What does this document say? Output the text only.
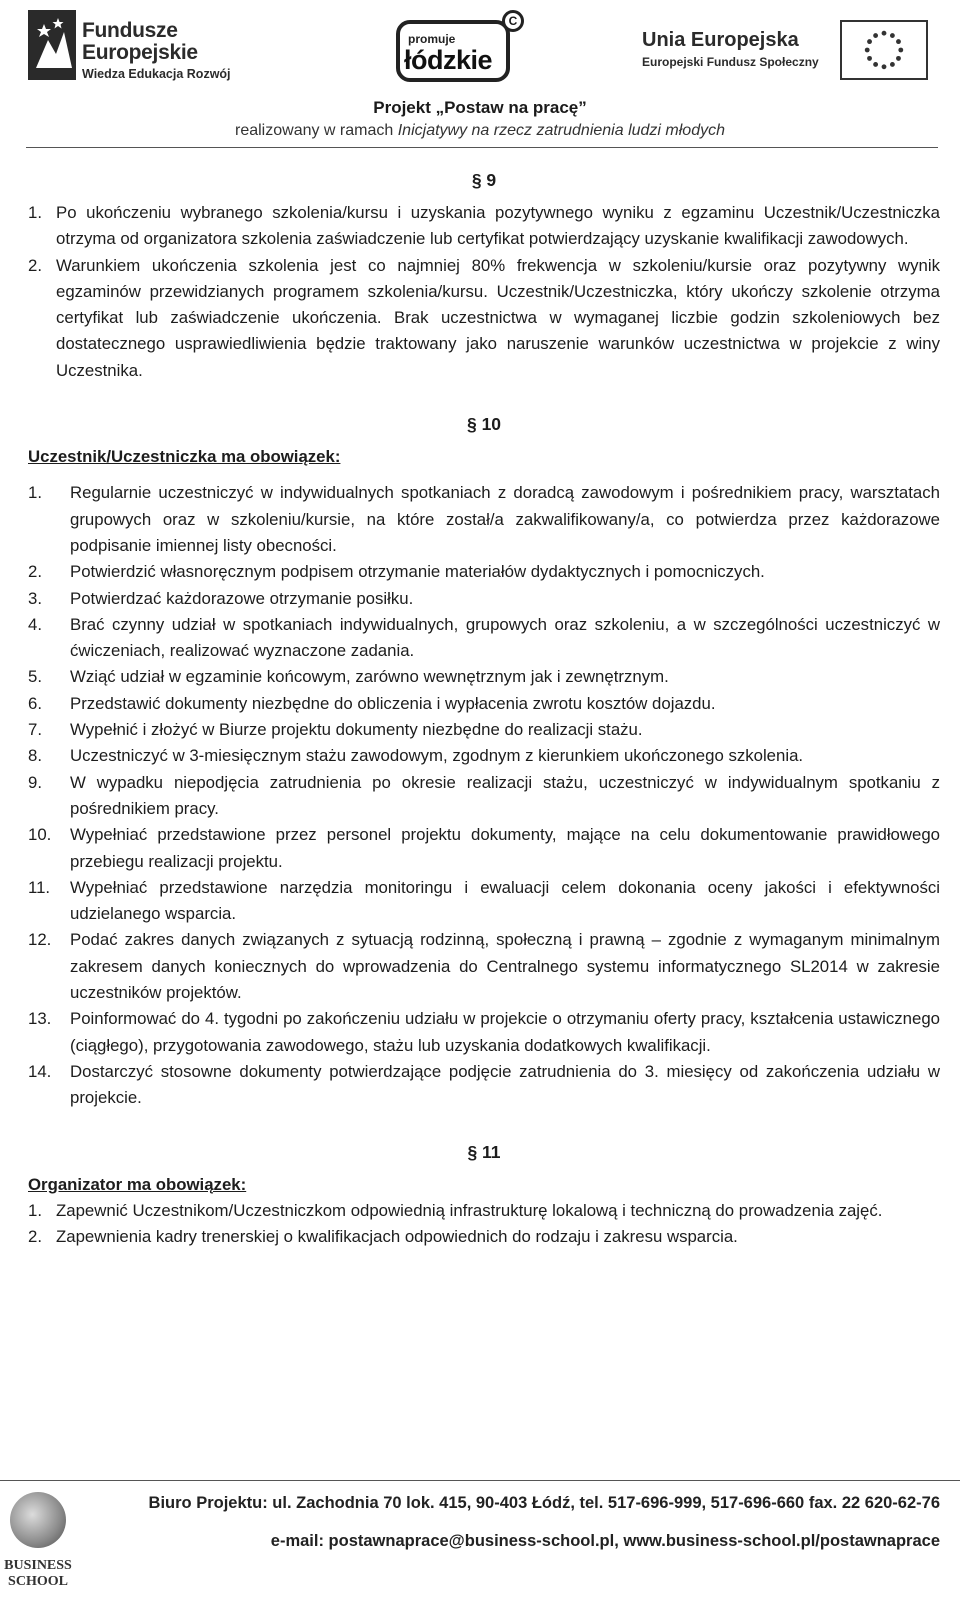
Fundusze
Europejskie
Wiedza Edukacja Rozwój
promuje
łódzkie
C
Unia Europejska
Europejski Fundusz Społeczny
Projekt „Postaw na pracę”
realizowany w ramach Inicjatywy na rzecz zatrudnienia ludzi młodych
§ 9
1. Po ukończeniu wybranego szkolenia/kursu i uzyskania pozytywnego wyniku z egzaminu Uczestnik/Uczestniczka otrzyma od organizatora szkolenia zaświadczenie lub certyfikat potwierdzający uzyskanie kwalifikacji zawodowych.
2. Warunkiem ukończenia szkolenia jest co najmniej 80% frekwencja w szkoleniu/kursie oraz pozytywny wynik egzaminów przewidzianych programem szkolenia/kursu. Uczestnik/Uczestniczka, który ukończy szkolenie otrzyma certyfikat lub zaświadczenie ukończenia. Brak uczestnictwa w wymaganej liczbie godzin szkoleniowych bez dostatecznego usprawiedliwienia będzie traktowany jako naruszenie warunków uczestnictwa w projekcie z winy Uczestnika.
§ 10
Uczestnik/Uczestniczka ma obowiązek:
1. Regularnie uczestniczyć w indywidualnych spotkaniach z doradcą zawodowym i pośrednikiem pracy, warsztatach grupowych oraz w szkoleniu/kursie, na które został/a zakwalifikowany/a, co potwierdza przez każdorazowe podpisanie imiennej listy obecności.
2. Potwierdzić własnoręcznym podpisem otrzymanie materiałów dydaktycznych i pomocniczych.
3. Potwierdzać każdorazowe otrzymanie posiłku.
4. Brać czynny udział w spotkaniach indywidualnych, grupowych oraz szkoleniu, a w szczególności uczestniczyć w ćwiczeniach, realizować wyznaczone zadania.
5. Wziąć udział w egzaminie końcowym, zarówno wewnętrznym jak i zewnętrznym.
6. Przedstawić dokumenty niezbędne do obliczenia i wypłacenia zwrotu kosztów dojazdu.
7. Wypełnić i złożyć w Biurze projektu dokumenty niezbędne do realizacji stażu.
8. Uczestniczyć w 3-miesięcznym stażu zawodowym, zgodnym z kierunkiem ukończonego szkolenia.
9. W wypadku niepodjęcia zatrudnienia po okresie realizacji stażu, uczestniczyć w indywidualnym spotkaniu z pośrednikiem pracy.
10. Wypełniać przedstawione przez personel projektu dokumenty, mające na celu dokumentowanie prawidłowego przebiegu realizacji projektu.
11. Wypełniać przedstawione narzędzia monitoringu i ewaluacji celem dokonania oceny jakości i efektywności udzielanego wsparcia.
12. Podać zakres danych związanych z sytuacją rodzinną, społeczną i prawną – zgodnie z wymaganym minimalnym zakresem danych koniecznych do wprowadzenia do Centralnego systemu informatycznego SL2014 w zakresie uczestników projektów.
13. Poinformować do 4. tygodni po zakończeniu udziału w projekcie o otrzymaniu oferty pracy, kształcenia ustawicznego (ciągłego), przygotowania zawodowego, stażu lub uzyskania dodatkowych kwalifikacji.
14. Dostarczyć stosowne dokumenty potwierdzające podjęcie zatrudnienia do 3. miesięcy od zakończenia udziału w projekcie.
§ 11
Organizator ma obowiązek:
1. Zapewnić Uczestnikom/Uczestniczkom odpowiednią infrastrukturę lokalową i techniczną do prowadzenia zajęć.
2. Zapewnienia kadry trenerskiej o kwalifikacjach odpowiednich do rodzaju i zakresu wsparcia.
BUSINESS
SCHOOL
Biuro Projektu: ul. Zachodnia 70 lok. 415, 90-403 Łódź, tel. 517-696-999, 517-696-660 fax. 22 620-62-76
e-mail: postawnaprace@business-school.pl, www.business-school.pl/postawnaprace
